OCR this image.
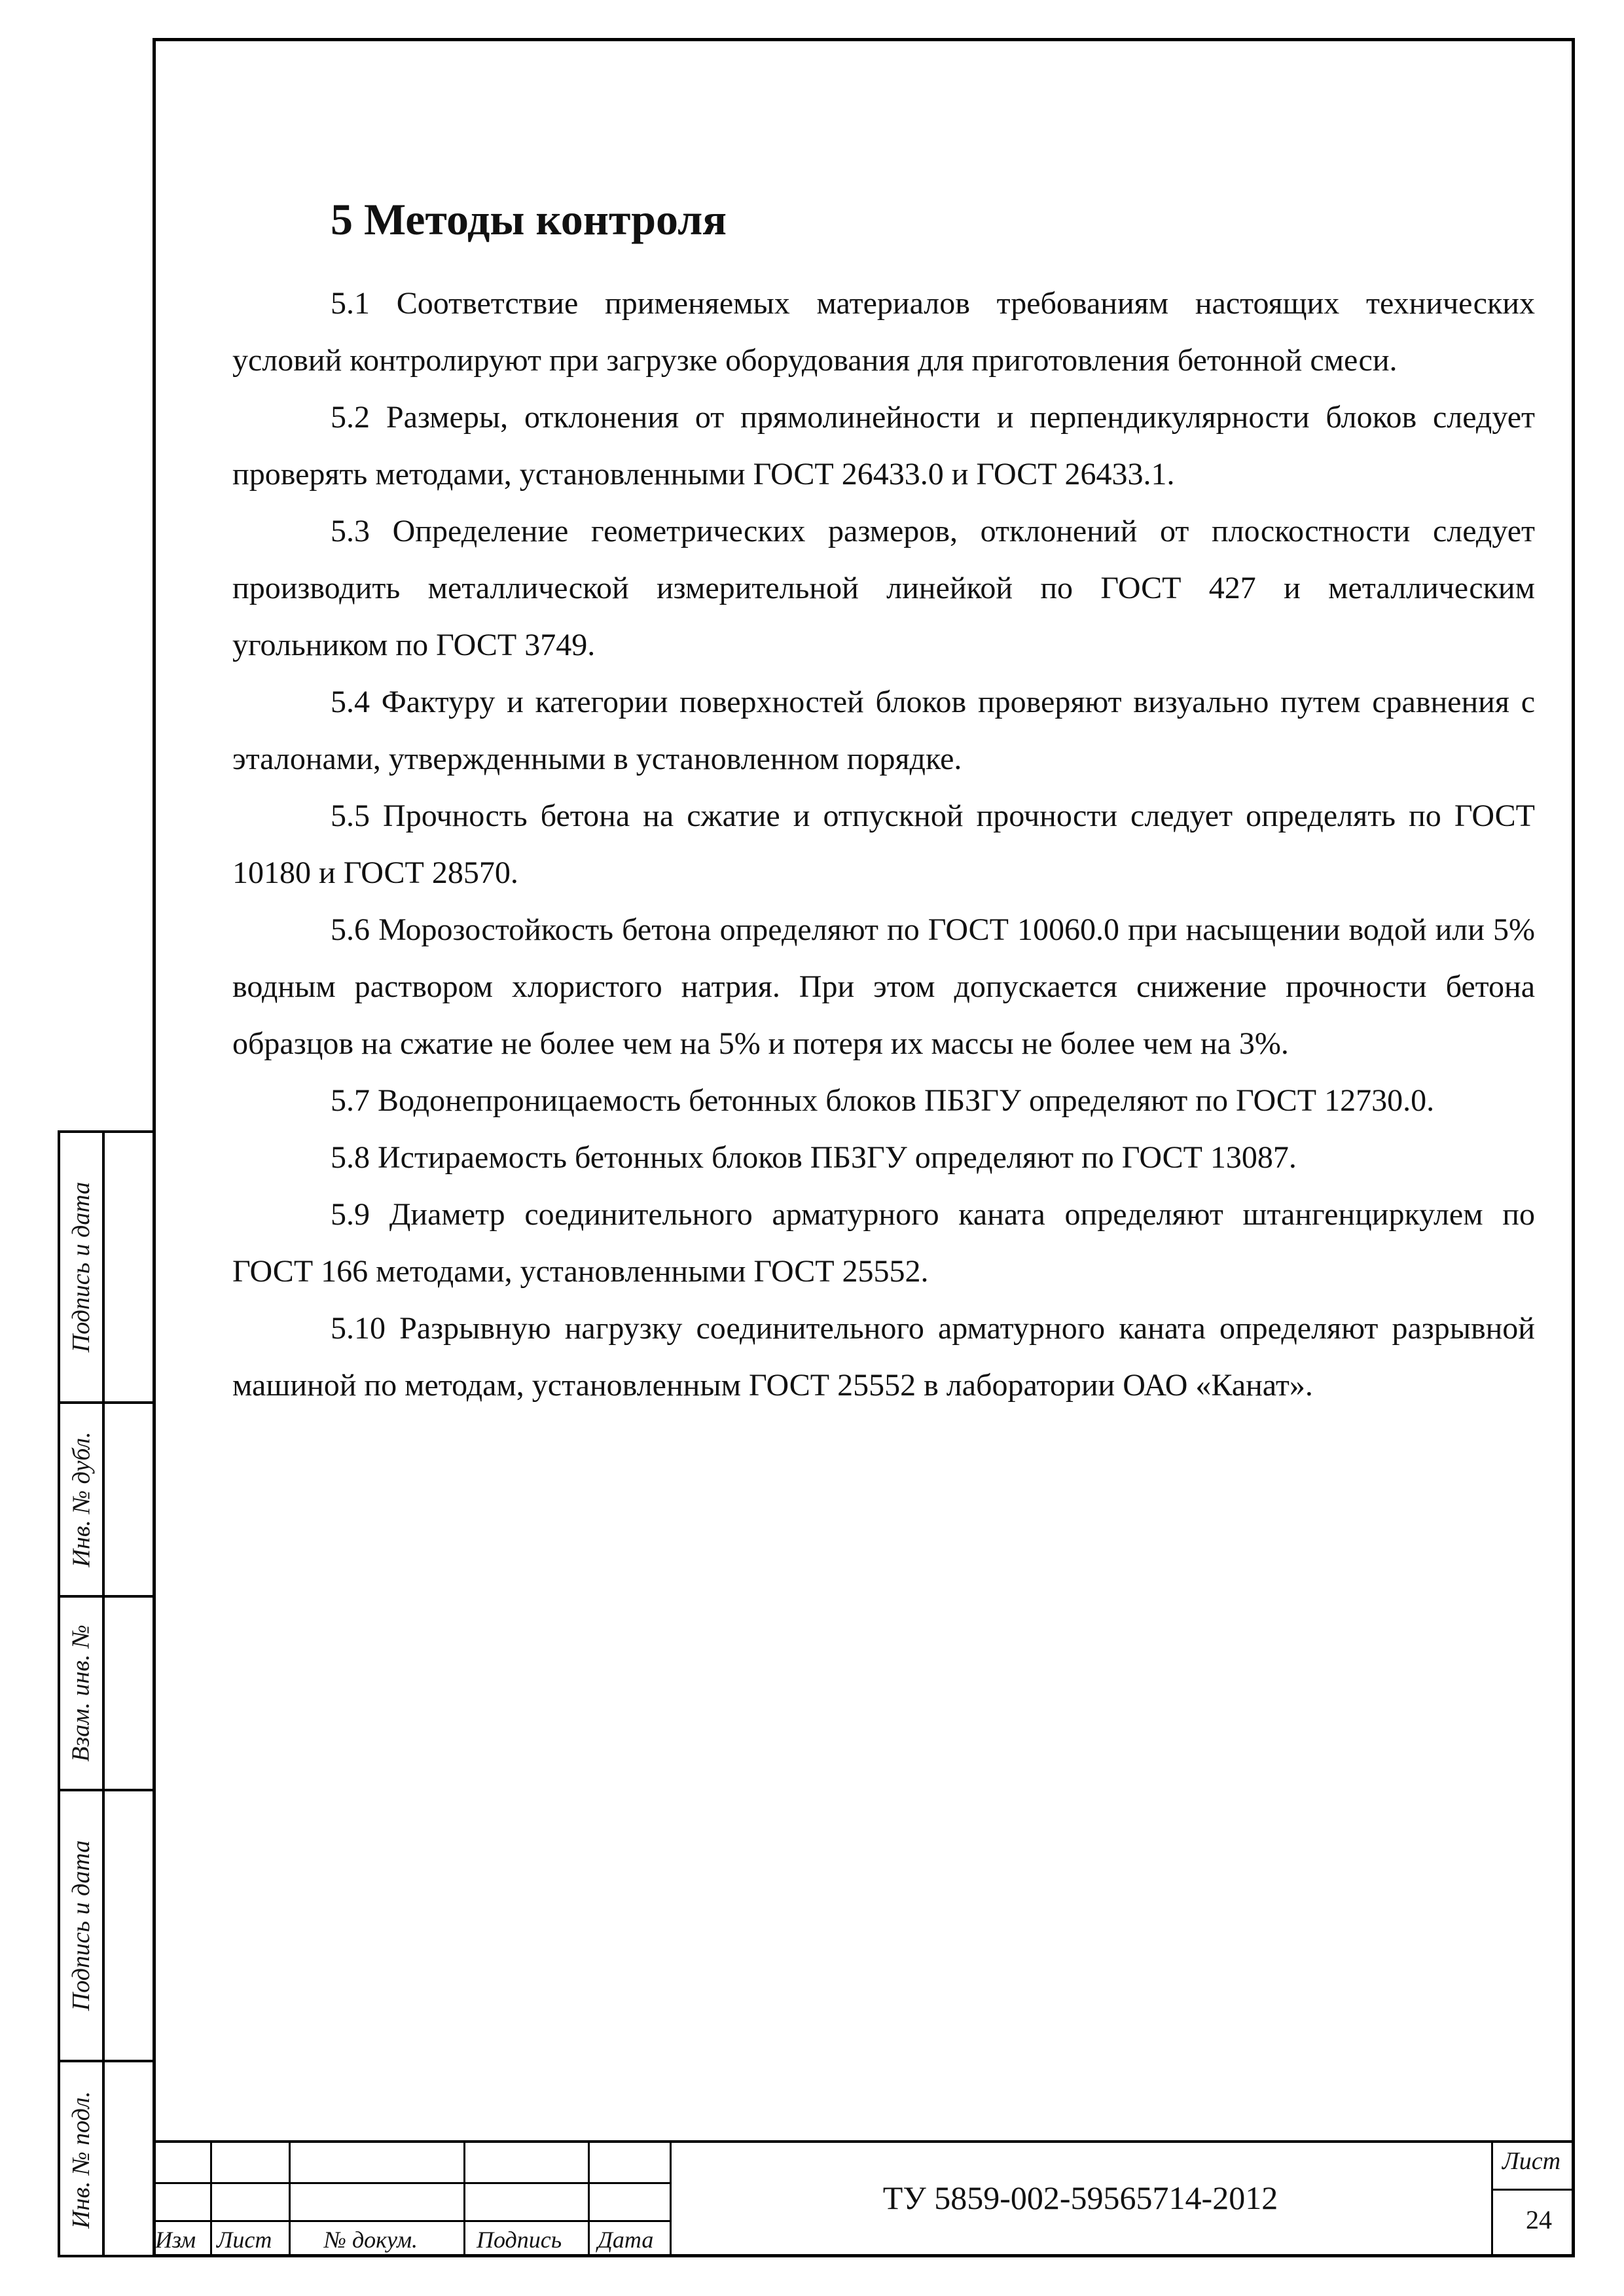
5 Методы контроля

5.1 Соответствие применяемых материалов требованиям настоящих технических условий контролируют при загрузке оборудования для приготовления бетонной смеси.

5.2 Размеры, отклонения от прямолинейности и перпендикулярности блоков следует проверять методами, установленными ГОСТ 26433.0 и ГОСТ 26433.1.

5.3 Определение геометрических размеров, отклонений от плоскостности следует производить металлической измерительной линейкой по ГОСТ 427 и металлическим угольником по ГОСТ 3749.

5.4 Фактуру и категории поверхностей блоков проверяют визуально путем сравнения с эталонами, утвержденными в установленном порядке.

5.5 Прочность бетона на сжатие и отпускной прочности следует определять по ГОСТ 10180 и ГОСТ 28570.

5.6 Морозостойкость бетона определяют по ГОСТ 10060.0 при насыщении водой или 5% водным раствором хлористого натрия. При этом допускается снижение прочности бетона образцов на сжатие не более чем на 5% и потеря их массы не более чем на 3%.

5.7 Водонепроницаемость бетонных блоков ПБЗГУ определяют по ГОСТ 12730.0.

5.8 Истираемость бетонных блоков ПБЗГУ определяют по ГОСТ 13087.

5.9 Диаметр соединительного арматурного каната определяют штангенциркулем по ГОСТ 166 методами, установленными ГОСТ 25552.

5.10 Разрывную нагрузку соединительного арматурного каната определяют разрывной машиной по методам, установленным ГОСТ 25552 в лаборатории ОАО «Канат».

Подпись и дата
Инв. № дубл.
Взам. инв. №
Подпись и дата
Инв. № подл.
Изм Лист № докум. Подпись Дата
ТУ 5859-002-59565714-2012
Лист
24
